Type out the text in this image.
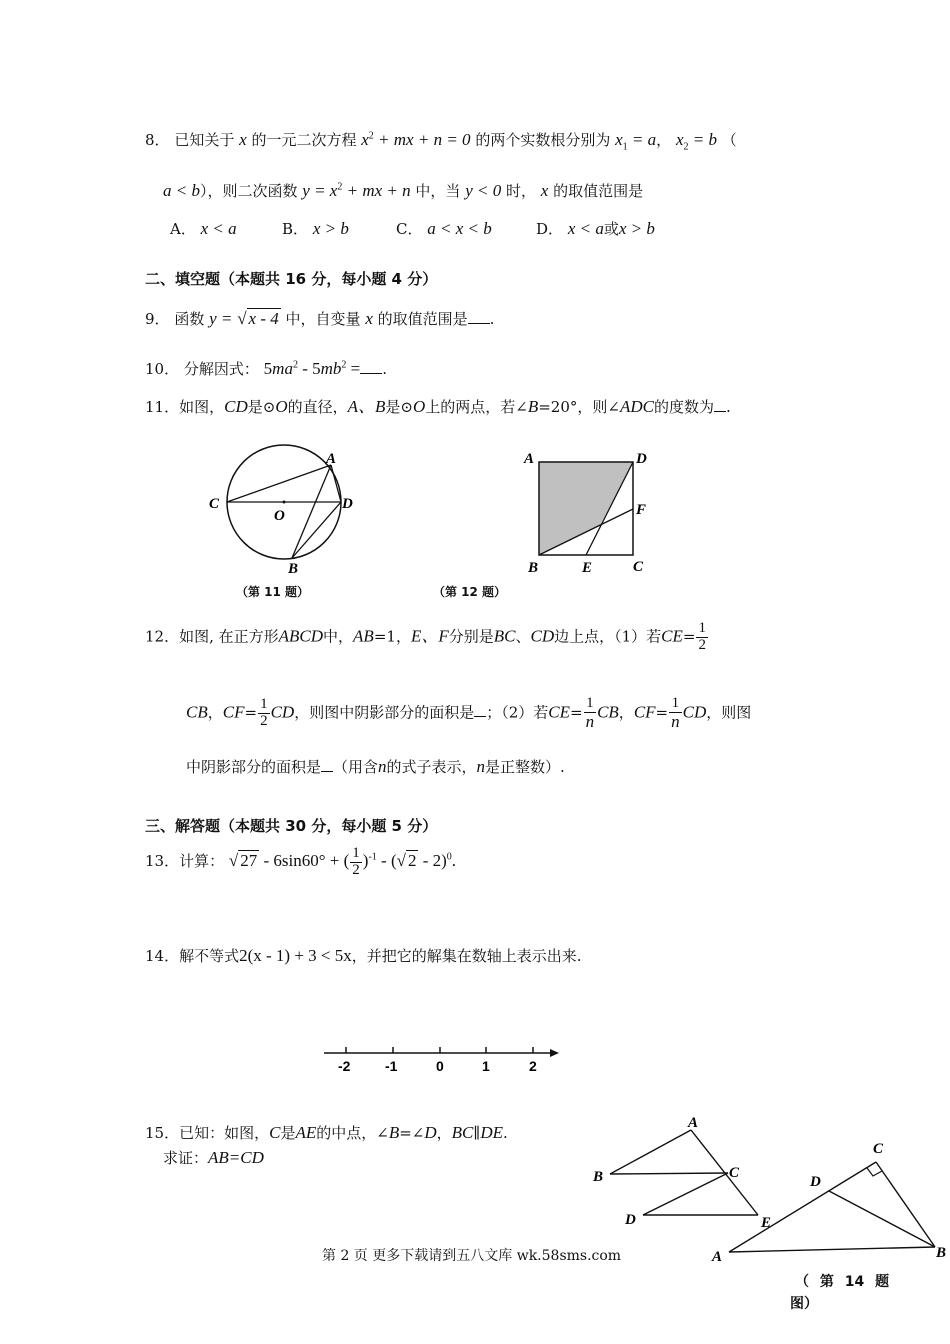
8． 已知关于 x 的一元二次方程 $x^2$ + mx + n = 0 的两个实数根分别为 $x_1 = a$， $x_2 = b$ （
a < b），则二次函数 $y = x^2$ + mx + n 中，当 y < 0 时， x 的取值范围是
A． x < a	B． x > b	C． a < x < b	D． x < a或x > b
二、填空题（本题共 16 分，每小题 4 分）
9． 函数 y = √ x - 4 中，自变量 x 的取值范围是 .
10． 分解因式： $5ma^2 - 5mb^2$ = .
11．如图，CD是⊙O的直径，A、B是⊙O上的两点，若∠B=20°，则∠ADC的度数为 .
A
C	D
O
B
（第 11 题）
A	D
F
B	E	C
（第 12 题）
12．如图, 在正方形ABCD中，AB=1，E、F分别是BC、CD边上点，（1）若$CE= \frac{1}{2}$
CB，$CF= \frac{1}{2}$ CD，则图中阴影部分的面积是 ；（2）若$CE= \frac{1}{n}$ CB，$CF= \frac{1}{n}$ CD，则图
中阴影部分的面积是 （用含n的式子表示，n是正整数）.
三、解答题（本题共 30 分，每小题 5 分）
13．计算： √ 27 - 6sin60° + ( $\frac{1}{2} )^{-1}$ - (√ 2 - 2)$^0$.
14．解不等式2(x - 1) + 3 < 5x，并把它的解集在数轴上表示出来.
-2 -1	0	1	2
15．已知：如图，C是AE的中点，∠B=∠D，BC∥DE.
求证：AB=CD
A
B	C
D	E
C
D
A	B
（ 第 14 题
图）
第 2 页 更多下载请到五八文库 wk.58sms.com
